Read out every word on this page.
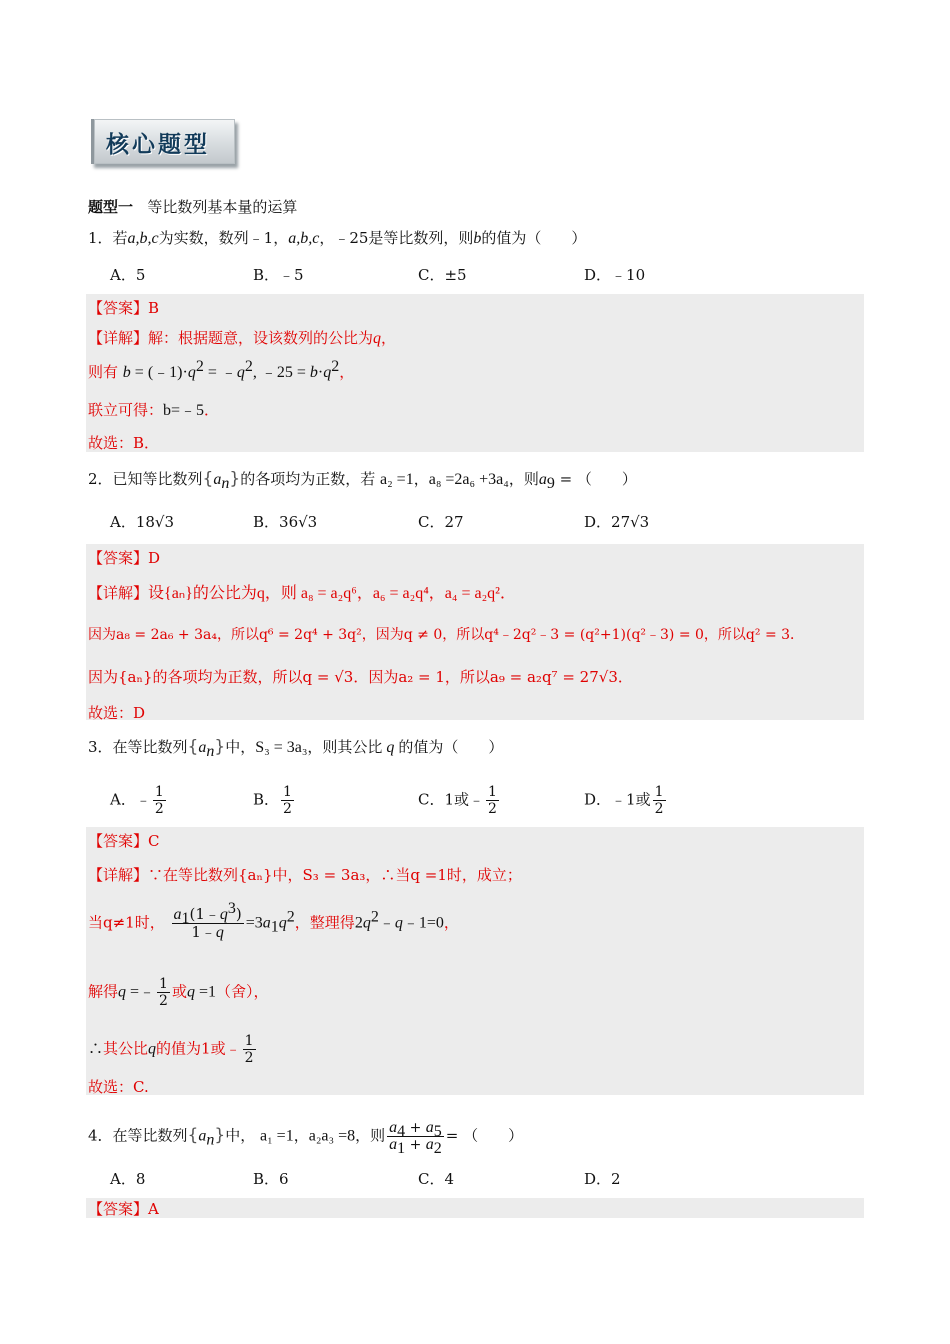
核心题型
题型一 等比数列基本量的运算
1．若a,b,c为实数，数列﹣1，a,b,c，﹣25是等比数列，则b的值为（　　）
A．5	B．﹣5	C．±5	D．﹣10
【答案】B
【详解】解：根据题意，设该数列的公比为q，
则有 $b = (﹣1)\cdot q^2$ = $﹣q^2$, ﹣25 = $b\cdot q^2$，
联立可得：b=﹣5．
故选：B．
2．已知等比数列$\{a_n\}$的各项均为正数，若 a₂ =1，a₈ =2a₆ +3a₄，则$a_9$ = （　　）
A．18√3	B．36√3	C．27	D．27√3
【答案】D
【详解】设{aₙ}的公比为q，则 a₈ = a₂q⁶，a₆ = a₂q⁴，a₄ = a₂q²．
因为a₈ = 2a₆ + 3a₄，所以q⁶ = 2q⁴ + 3q²，因为q ≠ 0，所以q⁴﹣2q²﹣3 = (q²+1)(q²﹣3) = 0，所以q² = 3．
因为{aₙ}的各项均为正数，所以q = √3．因为a₂ = 1，所以a₉ = a₂q⁷ = 27√3．
故选：D
3．在等比数列$\{a_n\}$中，S₃ = 3a₃，则其公比 q 的值为（　　）
A．﹣ $\frac{1}{2}$	B． $\frac{1}{2}$	C．1或﹣ $\frac{1}{2}$	D．﹣1或 $\frac{1}{2}$
【答案】C
【详解】∵在等比数列{aₙ}中，S₃ = 3a₃，∴当q =1时，成立；
当q≠1时， $\frac{a_1(1﹣q^3)}{1﹣q} =3a_1q^2$，整理得$2q^2﹣q﹣1=0$，
解得q =﹣ $\frac{1}{2}$ 或q =1（舍），
∴其公比q的值为1或﹣ $\frac{1}{2}$
故选：C.
4．在等比数列$\{a_n\}$中， a₁ =1，a₂a₃ =8，则 $\frac{a_4 + a_5}{a_1 + a_2}$ = （　　）
A．8	B．6	C．4	D．2
【答案】A
